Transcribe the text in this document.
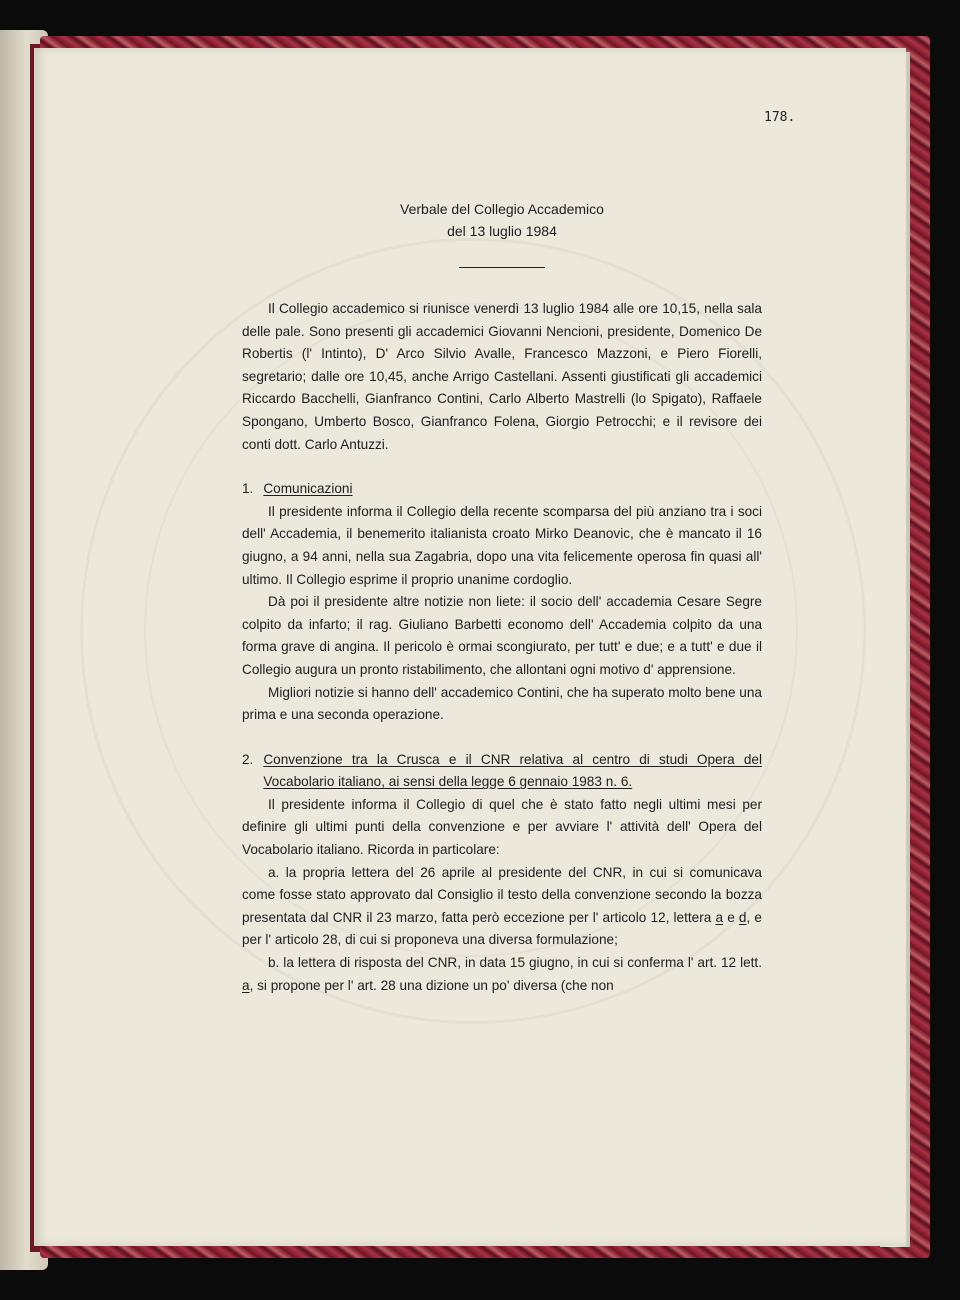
178.
Verbale del Collegio Accademico
del 13 luglio 1984

Il Collegio accademico si riunisce venerdì 13 luglio 1984 alle ore 10,15, nella sala delle pale. Sono presenti gli accademici Giovanni Nencioni, presidente, Domenico De Robertis (l' Intinto), D' Arco Silvio Avalle, Francesco Mazzoni, e Piero Fiorelli, segretario; dalle ore 10,45, anche Arrigo Castellani. Assenti giustificati gli accademici Riccardo Bacchelli, Gianfranco Contini, Carlo Alberto Mastrelli (lo Spigato), Raffaele Spongano, Umberto Bosco, Gianfranco Folena, Giorgio Petrocchi; e il revisore dei conti dott. Carlo Antuzzi.

1. Comunicazioni

Il presidente informa il Collegio della recente scomparsa del più anziano tra i soci dell' Accademia, il benemerito italianista croato Mirko Deanovic, che è mancato il 16 giugno, a 94 anni, nella sua Zagabria, dopo una vita felicemente operosa fin quasi all' ultimo. Il Collegio esprime il proprio unanime cordoglio.

Dà poi il presidente altre notizie non liete: il socio dell' accademia Cesare Segre colpito da infarto; il rag. Giuliano Barbetti economo dell' Accademia colpito da una forma grave di angina. Il pericolo è ormai scongiurato, per tutt' e due; e a tutt' e due il Collegio augura un pronto ristabilimento, che allontani ogni motivo d' apprensione.

Migliori notizie si hanno dell' accademico Contini, che ha superato molto bene una prima e una seconda operazione.

2. Convenzione tra la Crusca e il CNR relativa al centro di studi Opera del Vocabolario italiano, ai sensi della legge 6 gennaio 1983 n. 6.

Il presidente informa il Collegio di quel che è stato fatto negli ultimi mesi per definire gli ultimi punti della convenzione e per avviare l' attività dell' Opera del Vocabolario italiano. Ricorda in particolare:

a. la propria lettera del 26 aprile al presidente del CNR, in cui si comunicava come fosse stato approvato dal Consiglio il testo della convenzione secondo la bozza presentata dal CNR il 23 marzo, fatta però eccezione per l' articolo 12, lettera a e d, e per l' articolo 28, di cui si proponeva una diversa formulazione;

b. la lettera di risposta del CNR, in data 15 giugno, in cui si conferma l' art. 12 lett. a, si propone per l' art. 28 una dizione un po' diversa (che non
